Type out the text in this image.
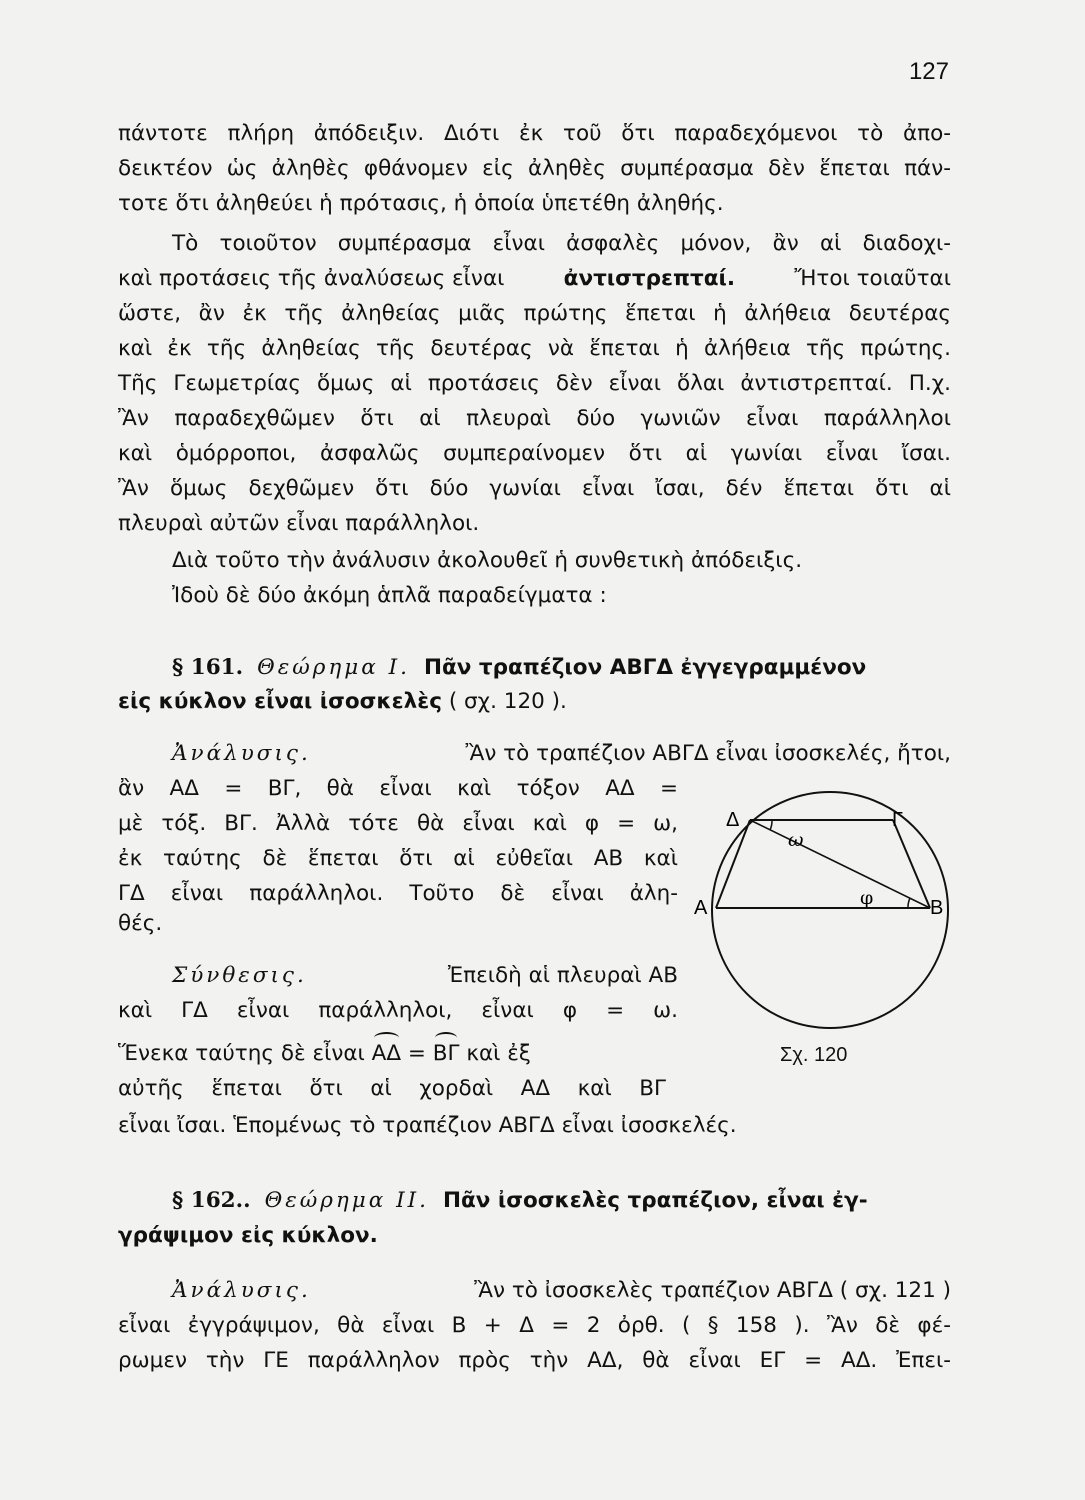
127
πάντοτε πλήρη ἀπόδειξιν. Διότι ἐκ τοῦ ὅτι παραδεχόμενοι τὸ ἀπο-
δεικτέον ὡς ἀληθὲς φθάνομεν εἰς ἀληθὲς συμπέρασμα δὲν ἕπεται πάν-
τοτε ὅτι ἀληθεύει ἡ πρότασις, ἡ ὁποία ὑπετέθη ἀληθής.
Τὸ τοιοῦτον συμπέρασμα εἶναι ἀσφαλὲς μόνον, ἂν αἱ διαδοχι-
καὶ προτάσεις τῆς ἀναλύσεως εἶναι	ἀντιστρεπταί.	Ἤτοι τοιαῦται
ὥστε, ἂν ἐκ τῆς ἀληθείας μιᾶς πρώτης ἕπεται ἡ ἀλήθεια δευτέρας
καὶ ἐκ τῆς ἀληθείας τῆς δευτέρας νὰ ἕπεται ἡ ἀλήθεια τῆς πρώτης.
Τῆς Γεωμετρίας ὅμως αἱ προτάσεις δὲν εἶναι ὅλαι ἀντιστρεπταί. Π.χ.
Ἂν παραδεχθῶμεν ὅτι αἱ πλευραὶ δύο γωνιῶν εἶναι παράλληλοι
καὶ ὁμόρροποι, ἀσφαλῶς συμπεραίνομεν ὅτι αἱ γωνίαι εἶναι ἴσαι.
Ἂν ὅμως δεχθῶμεν ὅτι δύο γωνίαι εἶναι ἴσαι, δέν ἕπεται ὅτι αἱ
πλευραὶ αὐτῶν εἶναι παράλληλοι.
Διὰ τοῦτο τὴν ἀνάλυσιν ἀκολουθεῖ ἡ συνθετικὴ ἀπόδειξις.
Ἰδοὺ δὲ δύο ἀκόμη ἁπλᾶ παραδείγματα :
§ 161. Θεώρημα Ι. Πᾶν τραπέζιον ΑΒΓΔ ἐγγεγραμμένον
εἰς κύκλον εἶναι ἰσοσκελὲς ( σχ. 120 ).
Ἀνάλυσις.	Ἂν τὸ τραπέζιον ΑΒΓΔ εἶναι ἰσοσκελές, ἤτοι,
ἂν ΑΔ = ΒΓ, θὰ εἶναι καὶ τόξον ΑΔ =
μὲ τόξ. ΒΓ. Ἀλλὰ τότε θὰ εἶναι καὶ φ = ω,
ἐκ ταύτης δὲ ἕπεται ὅτι αἱ εὐθεῖαι ΑΒ καὶ
ΓΔ εἶναι παράλληλοι. Τοῦτο δὲ εἶναι ἀλη-
θές.
Σύνθεσις.	Ἐπειδὴ αἱ πλευραὶ ΑΒ
καὶ ΓΔ εἶναι παράλληλοι, εἶναι φ = ω.
Ἕνεκα ταύτης δὲ εἶναι ΑΔ = ΒΓ καὶ ἐξ
αὐτῆς ἕπεται ὅτι αἱ χορδαὶ ΑΔ καὶ ΒΓ
εἶναι ἴσαι. Ἑπομένως τὸ τραπέζιον ΑΒΓΔ εἶναι ἰσοσκελές.
§ 162.. Θεώρημα ΙΙ. Πᾶν ἰσοσκελὲς τραπέζιον, εἶναι ἐγ-
γράψιμον εἰς κύκλον.
Ἀνάλυσις.	Ἂν τὸ ἰσοσκελὲς τραπέζιον ΑΒΓΔ ( σχ. 121 )
εἶναι ἐγγράψιμον, θὰ εἶναι Β + Δ = 2 ὀρθ. ( § 158 ). Ἂν δὲ φέ-
ρωμεν τὴν ΓΕ παράλληλον πρὸς τὴν ΑΔ, θὰ εἶναι ΕΓ = ΑΔ. Ἐπει-
Δ	Γ
Α	Β
ω
φ
Σχ. 120
